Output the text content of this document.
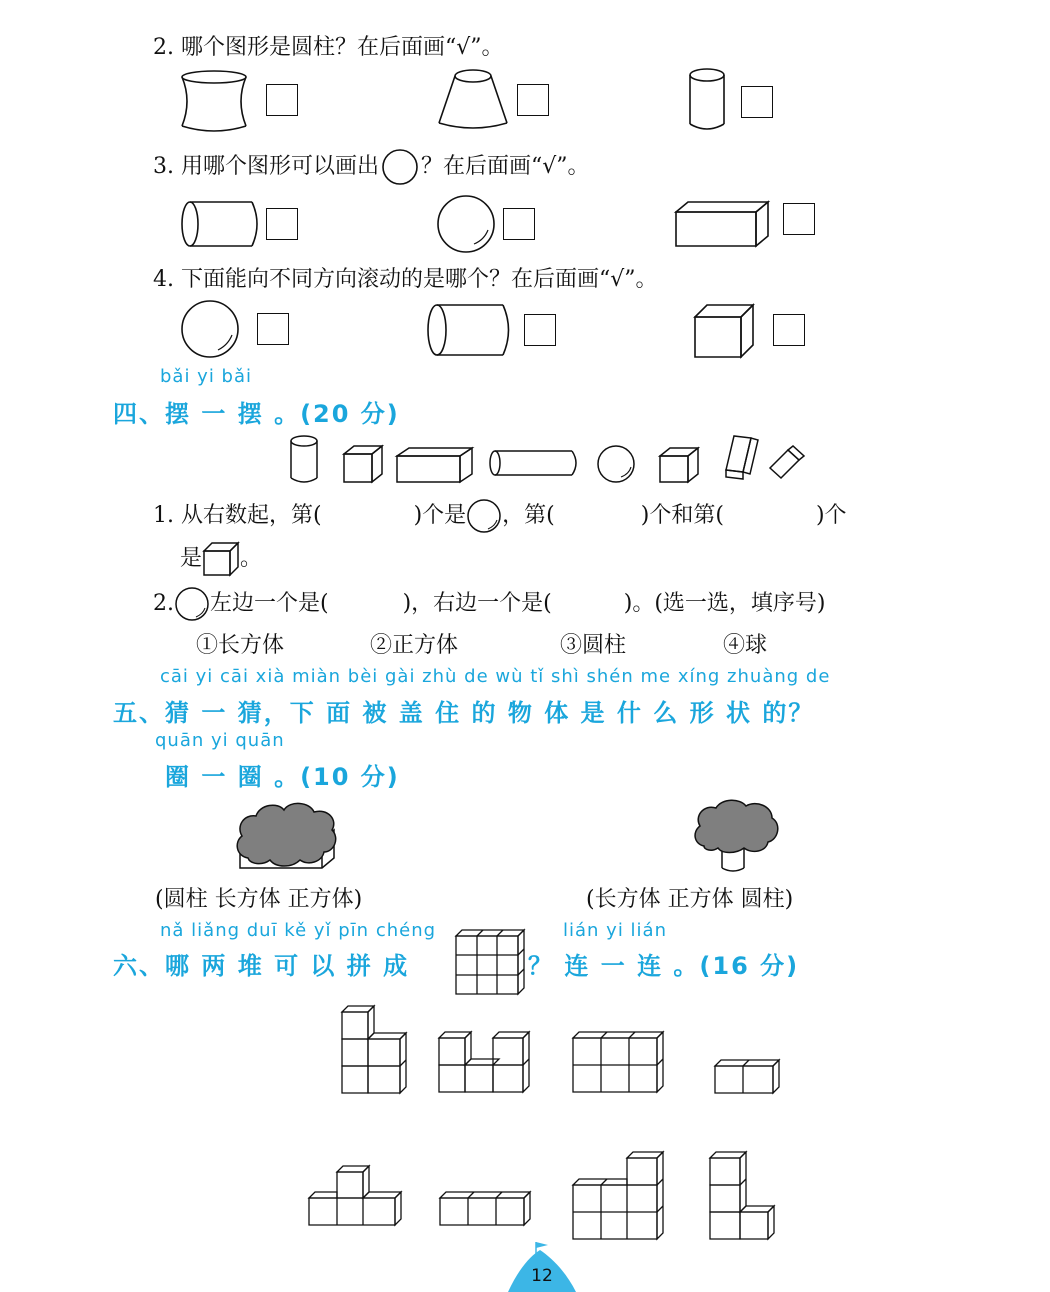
2. 哪个图形是圆柱？在后面画“√”。
3. 用哪个图形可以画出 ？在后面画“√”。
4. 下面能向不同方向滚动的是哪个？在后面画“√”。
bǎi yi bǎi
四、摆 一 摆 。(20 分)
1. 从右数起，第(	)个是 ，第(	)个和第(	)个
是 。
2. 左边一个是(	)，右边一个是(	)。(选一选，填序号)
①长方体	②正方体	③圆柱	④球
cāi yi cāi xià miàn bèi gài zhù de wù tǐ shì shén me xíng zhuàng de
五、猜 一 猜，下 面 被 盖 住 的 物 体 是 什 么 形 状 的？
quān yi quān
圈 一 圈 。(10 分)
(圆柱 长方体 正方体)	(长方体 正方体 圆柱)
nǎ liǎng duī kě yǐ pīn chéng	lián yi lián
六、哪 两 堆 可 以 拼 成	？ 连 一 连 。(16 分)
12
